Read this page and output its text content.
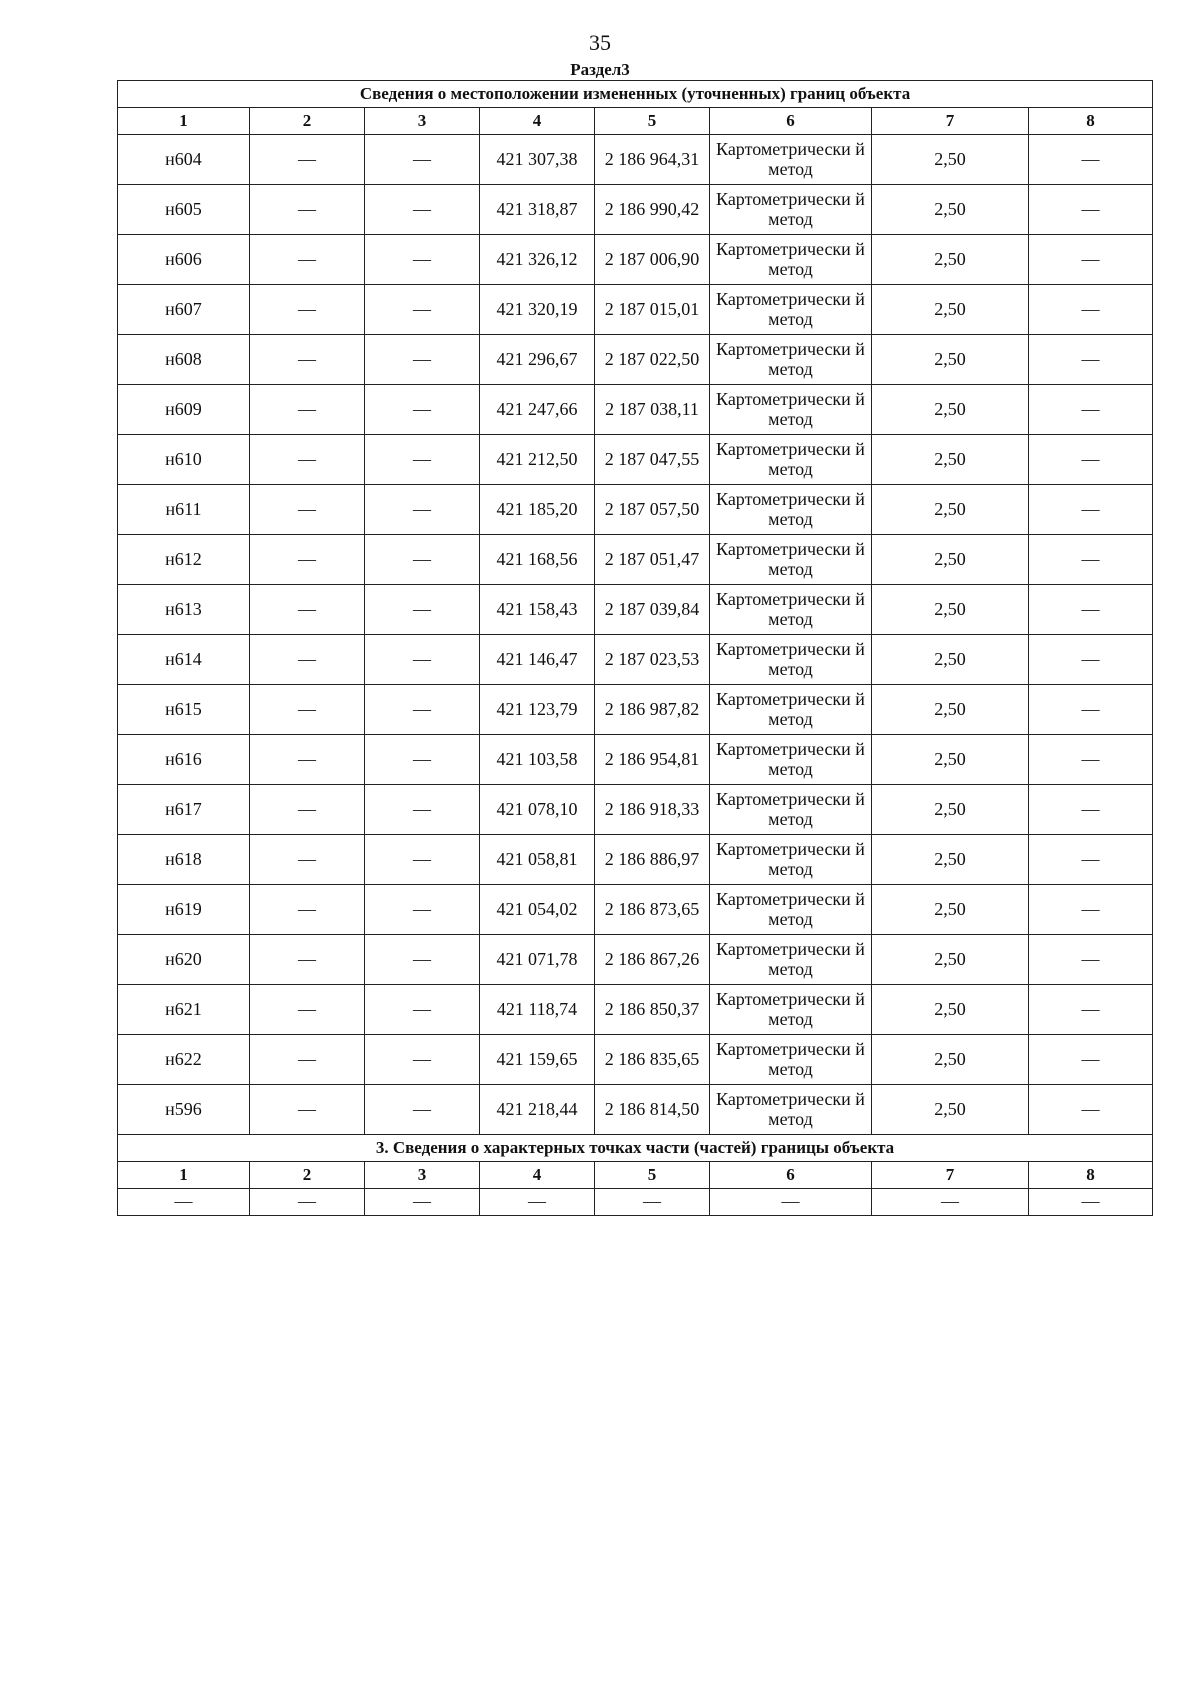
35
Раздел3
Сведения о местоположении измененных (уточненных) границ объекта							
1	2	3	4	5	6	7	8
н604	—	—	421 307,38	2 186 964,31	Картометрически й метод	2,50	—
н605	—	—	421 318,87	2 186 990,42	Картометрически й метод	2,50	—
н606	—	—	421 326,12	2 187 006,90	Картометрически й метод	2,50	—
н607	—	—	421 320,19	2 187 015,01	Картометрически й метод	2,50	—
н608	—	—	421 296,67	2 187 022,50	Картометрически й метод	2,50	—
н609	—	—	421 247,66	2 187 038,11	Картометрически й метод	2,50	—
н610	—	—	421 212,50	2 187 047,55	Картометрически й метод	2,50	—
н611	—	—	421 185,20	2 187 057,50	Картометрически й метод	2,50	—
н612	—	—	421 168,56	2 187 051,47	Картометрически й метод	2,50	—
н613	—	—	421 158,43	2 187 039,84	Картометрически й метод	2,50	—
н614	—	—	421 146,47	2 187 023,53	Картометрически й метод	2,50	—
н615	—	—	421 123,79	2 186 987,82	Картометрически й метод	2,50	—
н616	—	—	421 103,58	2 186 954,81	Картометрически й метод	2,50	—
н617	—	—	421 078,10	2 186 918,33	Картометрически й метод	2,50	—
н618	—	—	421 058,81	2 186 886,97	Картометрически й метод	2,50	—
н619	—	—	421 054,02	2 186 873,65	Картометрически й метод	2,50	—
н620	—	—	421 071,78	2 186 867,26	Картометрически й метод	2,50	—
н621	—	—	421 118,74	2 186 850,37	Картометрически й метод	2,50	—
н622	—	—	421 159,65	2 186 835,65	Картометрически й метод	2,50	—
н596	—	—	421 218,44	2 186 814,50	Картометрически й метод	2,50	—
3. Сведения о характерных точках части (частей) границы объекта							
1	2	3	4	5	6	7	8
—	—	—	—	—	—	—	—
